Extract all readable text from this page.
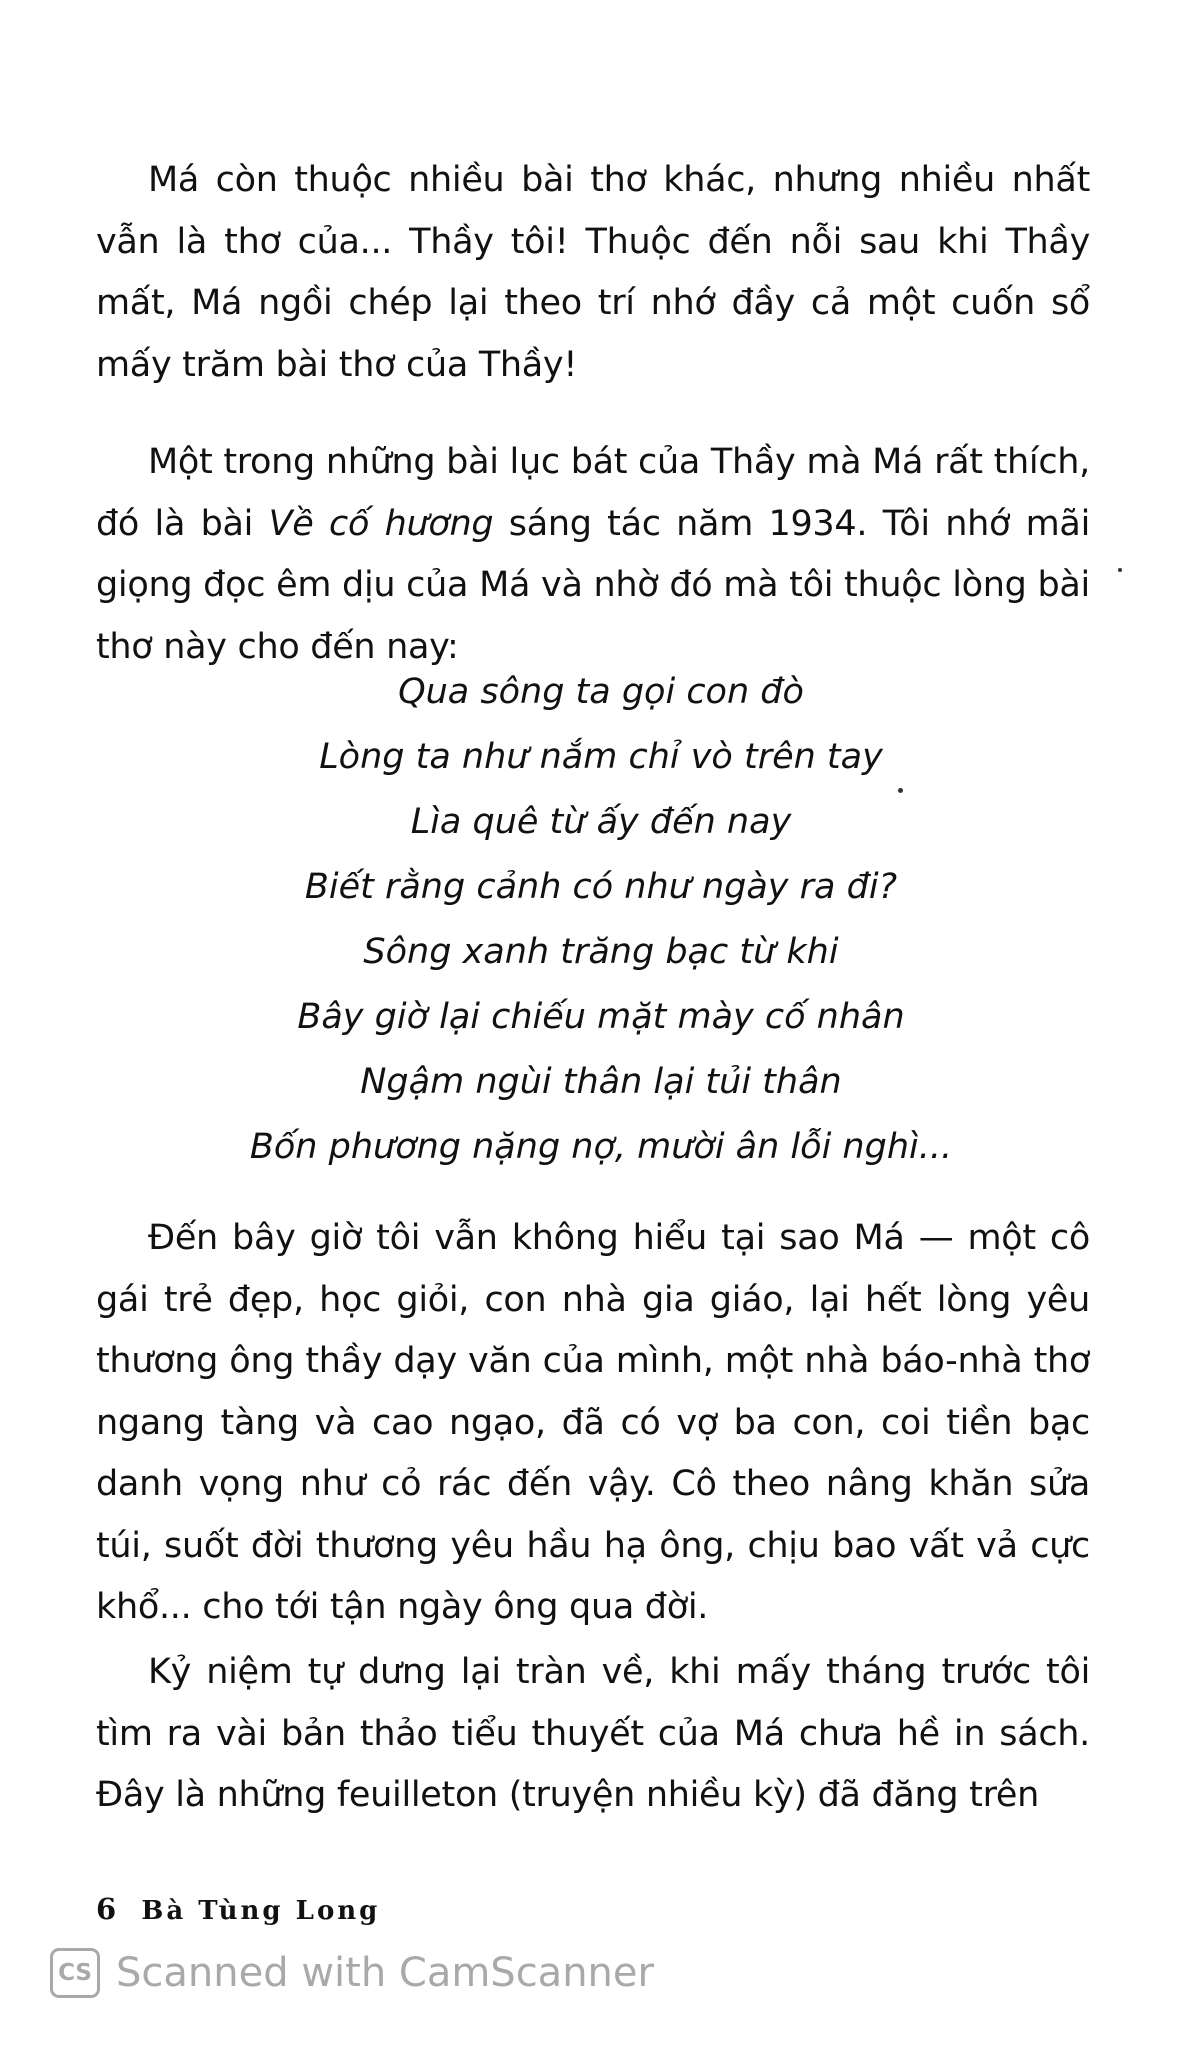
Má còn thuộc nhiều bài thơ khác, nhưng nhiều nhất vẫn là thơ của... Thầy tôi! Thuộc đến nỗi sau khi Thầy mất, Má ngồi chép lại theo trí nhớ đầy cả một cuốn sổ mấy trăm bài thơ của Thầy!

Một trong những bài lục bát của Thầy mà Má rất thích, đó là bài Về cố hương sáng tác năm 1934. Tôi nhớ mãi giọng đọc êm dịu của Má và nhờ đó mà tôi thuộc lòng bài thơ này cho đến nay:

Qua sông ta gọi con đò
Lòng ta như nắm chỉ vò trên tay
Lìa quê từ ấy đến nay
Biết rằng cảnh có như ngày ra đi?
Sông xanh trăng bạc từ khi
Bây giờ lại chiếu mặt mày cố nhân
Ngậm ngùi thân lại tủi thân
Bốn phương nặng nợ, mười ân lỗi nghì...

Đến bây giờ tôi vẫn không hiểu tại sao Má — một cô gái trẻ đẹp, học giỏi, con nhà gia giáo, lại hết lòng yêu thương ông thầy dạy văn của mình, một nhà báo-nhà thơ ngang tàng và cao ngạo, đã có vợ ba con, coi tiền bạc danh vọng như cỏ rác đến vậy. Cô theo nâng khăn sửa túi, suốt đời thương yêu hầu hạ ông, chịu bao vất vả cực khổ... cho tới tận ngày ông qua đời.

Kỷ niệm tự dưng lại tràn về, khi mấy tháng trước tôi tìm ra vài bản thảo tiểu thuyết của Má chưa hề in sách. Đây là những feuilleton (truyện nhiều kỳ) đã đăng trên

6 Bà Tùng Long
CS Scanned with CamScanner
